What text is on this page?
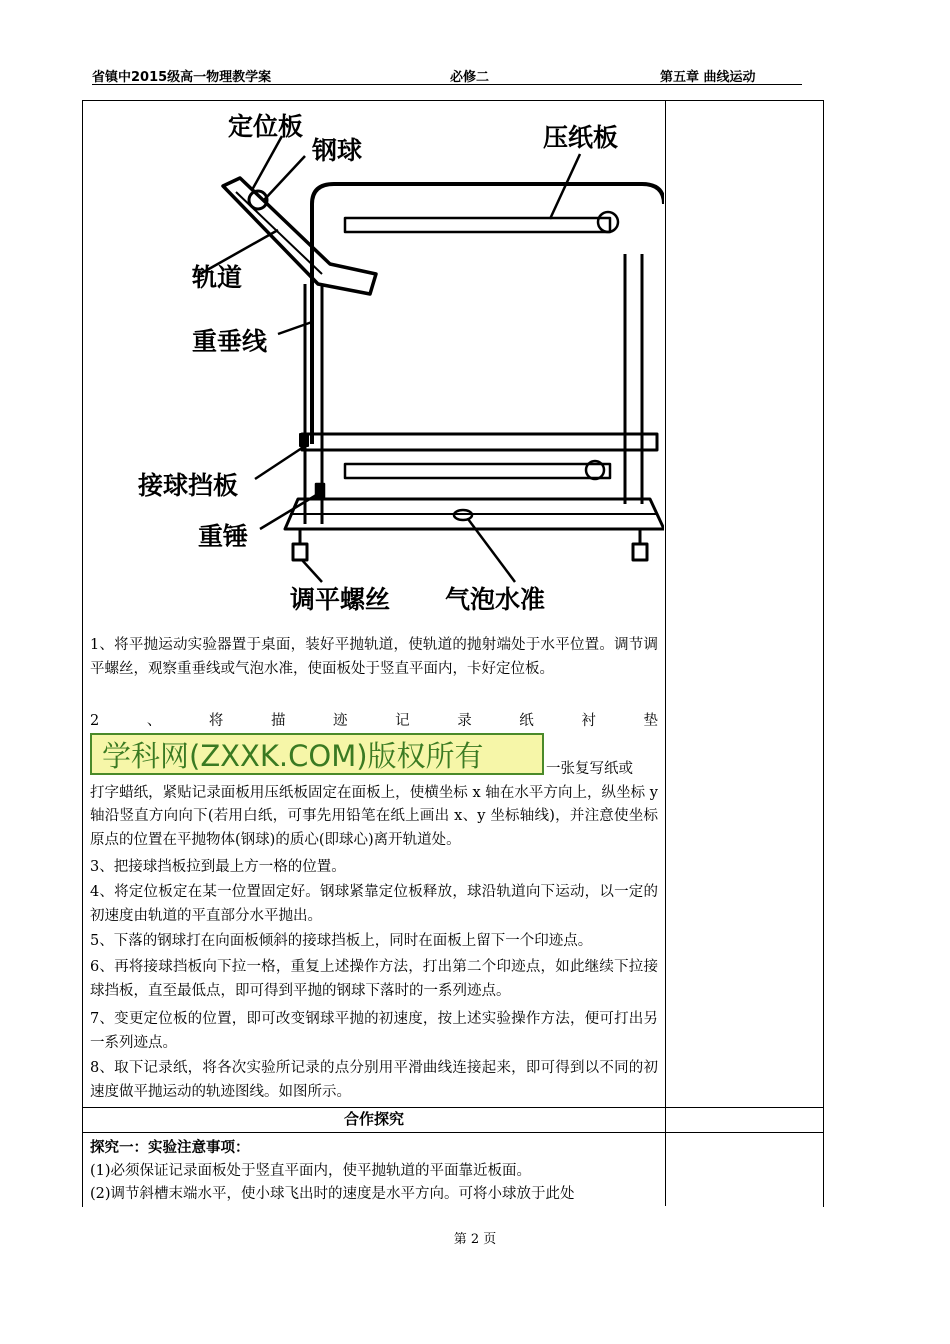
省镇中2015级高一物理教学案	必修二	第五章 曲线运动
定位板
钢球	压纸板
轨道
重垂线
接球挡板
重锤
调平螺丝 气泡水准

1、将平抛运动实验器置于桌面，装好平抛轨道，使轨道的抛射端处于水平位置。调节调平螺丝，观察重垂线或气泡水准，使面板处于竖直平面内，卡好定位板。

2	、	将	描	迹	记	录	纸	衬	垫
学科网(ZXXK.COM)版权所有	一张复写纸或

打字蜡纸，紧贴记录面板用压纸板固定在面板上，使横坐标 x 轴在水平方向上，纵坐标 y 轴沿竖直方向向下(若用白纸，可事先用铅笔在纸上画出 x、y 坐标轴线)，并注意使坐标原点的位置在平抛物体(钢球)的质心(即球心)离开轨道处。

3、把接球挡板拉到最上方一格的位置。

4、将定位板定在某一位置固定好。钢球紧靠定位板释放，球沿轨道向下运动，以一定的初速度由轨道的平直部分水平抛出。

5、下落的钢球打在向面板倾斜的接球挡板上，同时在面板上留下一个印迹点。

6、再将接球挡板向下拉一格，重复上述操作方法，打出第二个印迹点，如此继续下拉接球挡板，直至最低点，即可得到平抛的钢球下落时的一系列迹点。

7、变更定位板的位置，即可改变钢球平抛的初速度，按上述实验操作方法，便可打出另一系列迹点。

8、取下记录纸，将各次实验所记录的点分别用平滑曲线连接起来，即可得到以不同的初速度做平抛运动的轨迹图线。如图所示。

合作探究

探究一：实验注意事项：

(1)必须保证记录面板处于竖直平面内，使平抛轨道的平面靠近板面。

(2)调节斜槽末端水平，使小球飞出时的速度是水平方向。可将小球放于此处

第 2 页
